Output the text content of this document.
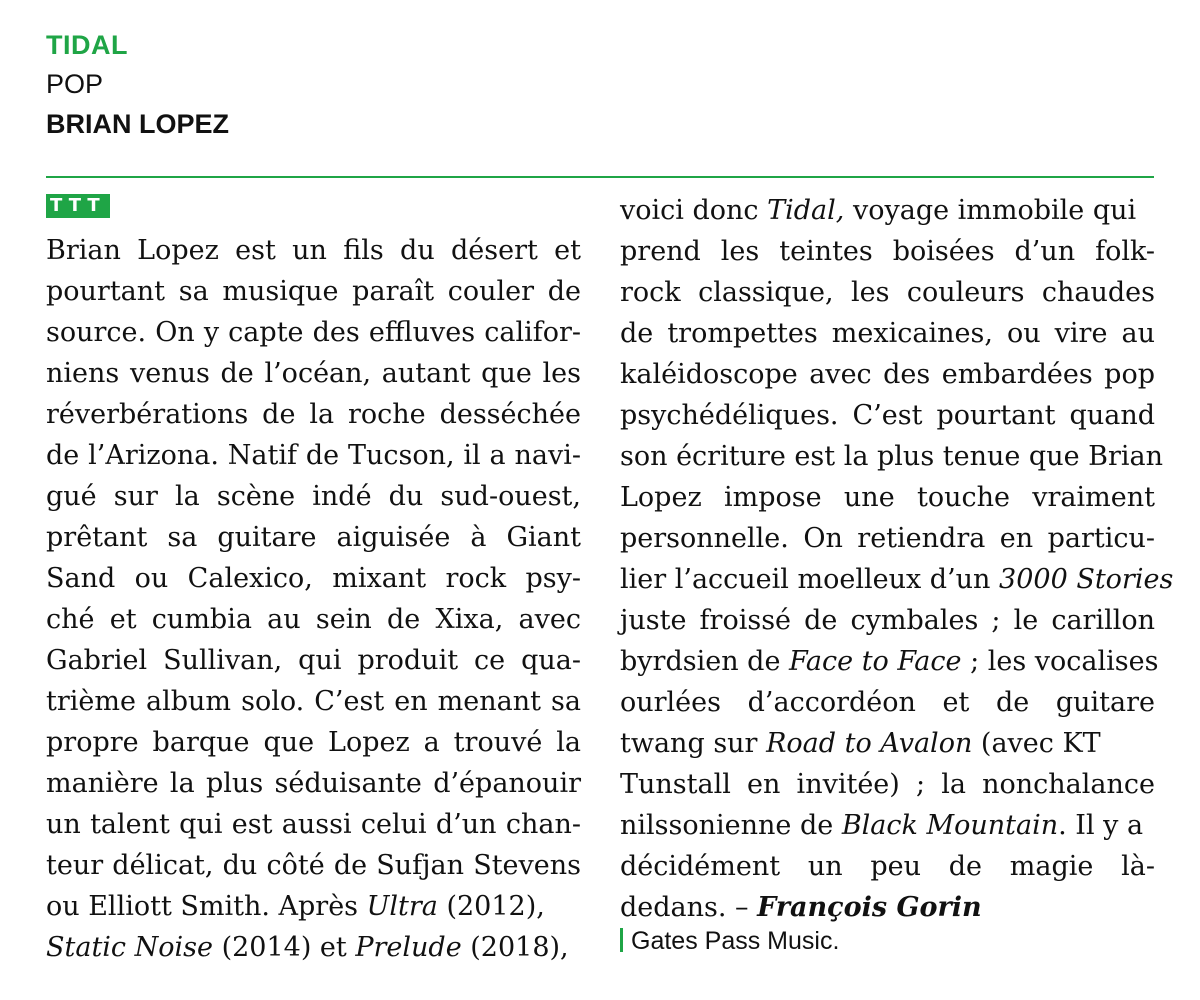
TIDAL
POP
BRIAN LOPEZ
TTT
Brian Lopez est un fils du désert et
pourtant sa musique paraît couler de
source. On y capte des effluves califor-
niens venus de l’océan, autant que les
réverbérations de la roche desséchée
de l’Arizona. Natif de Tucson, il a navi-
gué sur la scène indé du sud-ouest,
prêtant sa guitare aiguisée à Giant
Sand ou Calexico, mixant rock psy-
ché et cumbia au sein de Xixa, avec
Gabriel Sullivan, qui produit ce qua-
trième album solo. C’est en menant sa
propre barque que Lopez a trouvé la
manière la plus séduisante d’épanouir
un talent qui est aussi celui d’un chan-
teur délicat, du côté de Sufjan Stevens
ou Elliott Smith. Après Ultra (2012),
Static Noise (2014) et Prelude (2018),
voici donc Tidal, voyage immobile qui
prend les teintes boisées d’un folk-
rock classique, les couleurs chaudes
de trompettes mexicaines, ou vire au
kaléidoscope avec des embardées pop
psychédéliques. C’est pourtant quand
son écriture est la plus tenue que Brian
Lopez impose une touche vraiment
personnelle. On retiendra en particu-
lier l’accueil moelleux d’un 3000 Stories
juste froissé de cymbales ; le carillon
byrdsien de Face to Face ; les vocalises
ourlées d’accordéon et de guitare
twang sur Road to Avalon (avec KT
Tunstall en invitée) ; la nonchalance
nilssonienne de Black Mountain. Il y a
décidément un peu de magie là-
dedans. – François Gorin
Gates Pass Music.
